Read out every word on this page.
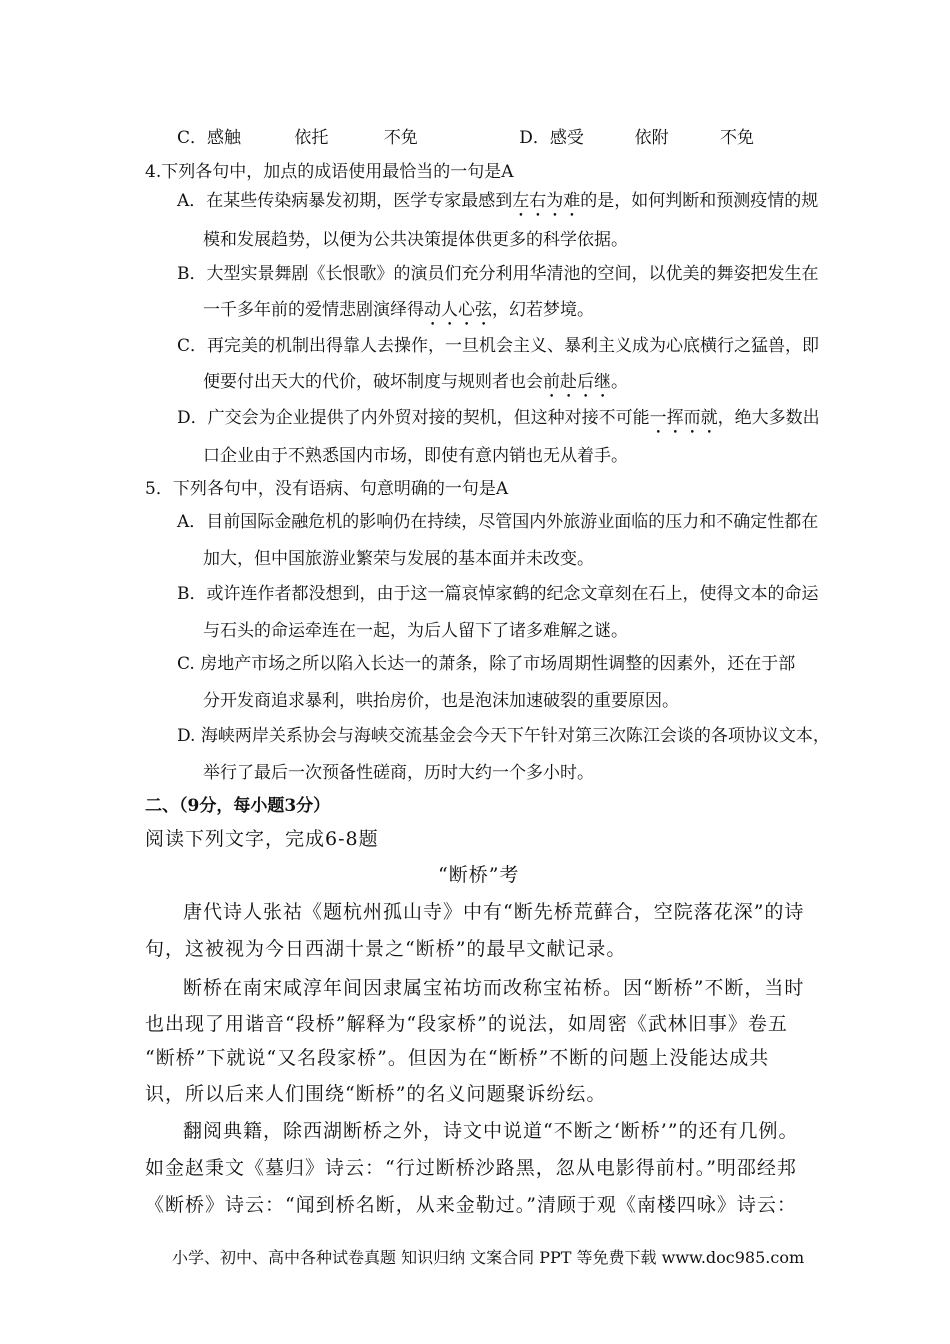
C．感触	依托	不免	D．感受	依附	不免
4.下列各句中，加点的成语使用最恰当的一句是A
A．在某些传染病暴发初期，医学专家最感到左右为难的是，如何判断和预测疫情的规
模和发展趋势，以便为公共决策提体供更多的科学依据。
B．大型实景舞剧《长恨歌》的演员们充分利用华清池的空间，以优美的舞姿把发生在
一千多年前的爱情悲剧演绎得动人心弦，幻若梦境。
C．再完美的机制出得靠人去操作，一旦机会主义、暴利主义成为心底横行之猛兽，即
便要付出天大的代价，破坏制度与规则者也会前赴后继。
D．广交会为企业提供了内外贸对接的契机，但这种对接不可能一挥而就，绝大多数出
口企业由于不熟悉国内市场，即使有意内销也无从着手。
5．下列各句中，没有语病、句意明确的一句是A
A．目前国际金融危机的影响仍在持续，尽管国内外旅游业面临的压力和不确定性都在
加大，但中国旅游业繁荣与发展的基本面并未改变。
B．或许连作者都没想到，由于这一篇哀悼家鹤的纪念文章刻在石上，使得文本的命运
与石头的命运牵连在一起，为后人留下了诸多难解之谜。
C. 房地产市场之所以陷入长达一的萧条，除了市场周期性调整的因素外，还在于部
分开发商追求暴利，哄抬房价，也是泡沫加速破裂的重要原因。
D. 海峡两岸关系协会与海峡交流基金会今天下午针对第三次陈江会谈的各项协议文本，
举行了最后一次预备性磋商，历时大约一个多小时。
二、（9分，每小题3分）
阅读下列文字，完成6-8题
“断桥”考
唐代诗人张祜《题杭州孤山寺》中有“断先桥荒藓合，空院落花深”的诗
句，这被视为今日西湖十景之“断桥”的最早文献记录。
断桥在南宋咸淳年间因隶属宝祐坊而改称宝祐桥。因“断桥”不断，当时
也出现了用谐音“段桥”解释为“段家桥”的说法，如周密《武林旧事》卷五
“断桥”下就说“又名段家桥”。但因为在“断桥”不断的问题上没能达成共
识，所以后来人们围绕“断桥”的名义问题聚诉纷纭。
翻阅典籍，除西湖断桥之外，诗文中说道“不断之‘断桥’”的还有几例。
如金赵秉文《墓归》诗云：“行过断桥沙路黑，忽从电影得前村。”明邵经邦
《断桥》诗云：“闻到桥名断，从来金勒过。”清顾于观《南楼四咏》诗云：
小学、初中、高中各种试卷真题 知识归纳 文案合同 PPT 等免费下载 www.doc985.com
